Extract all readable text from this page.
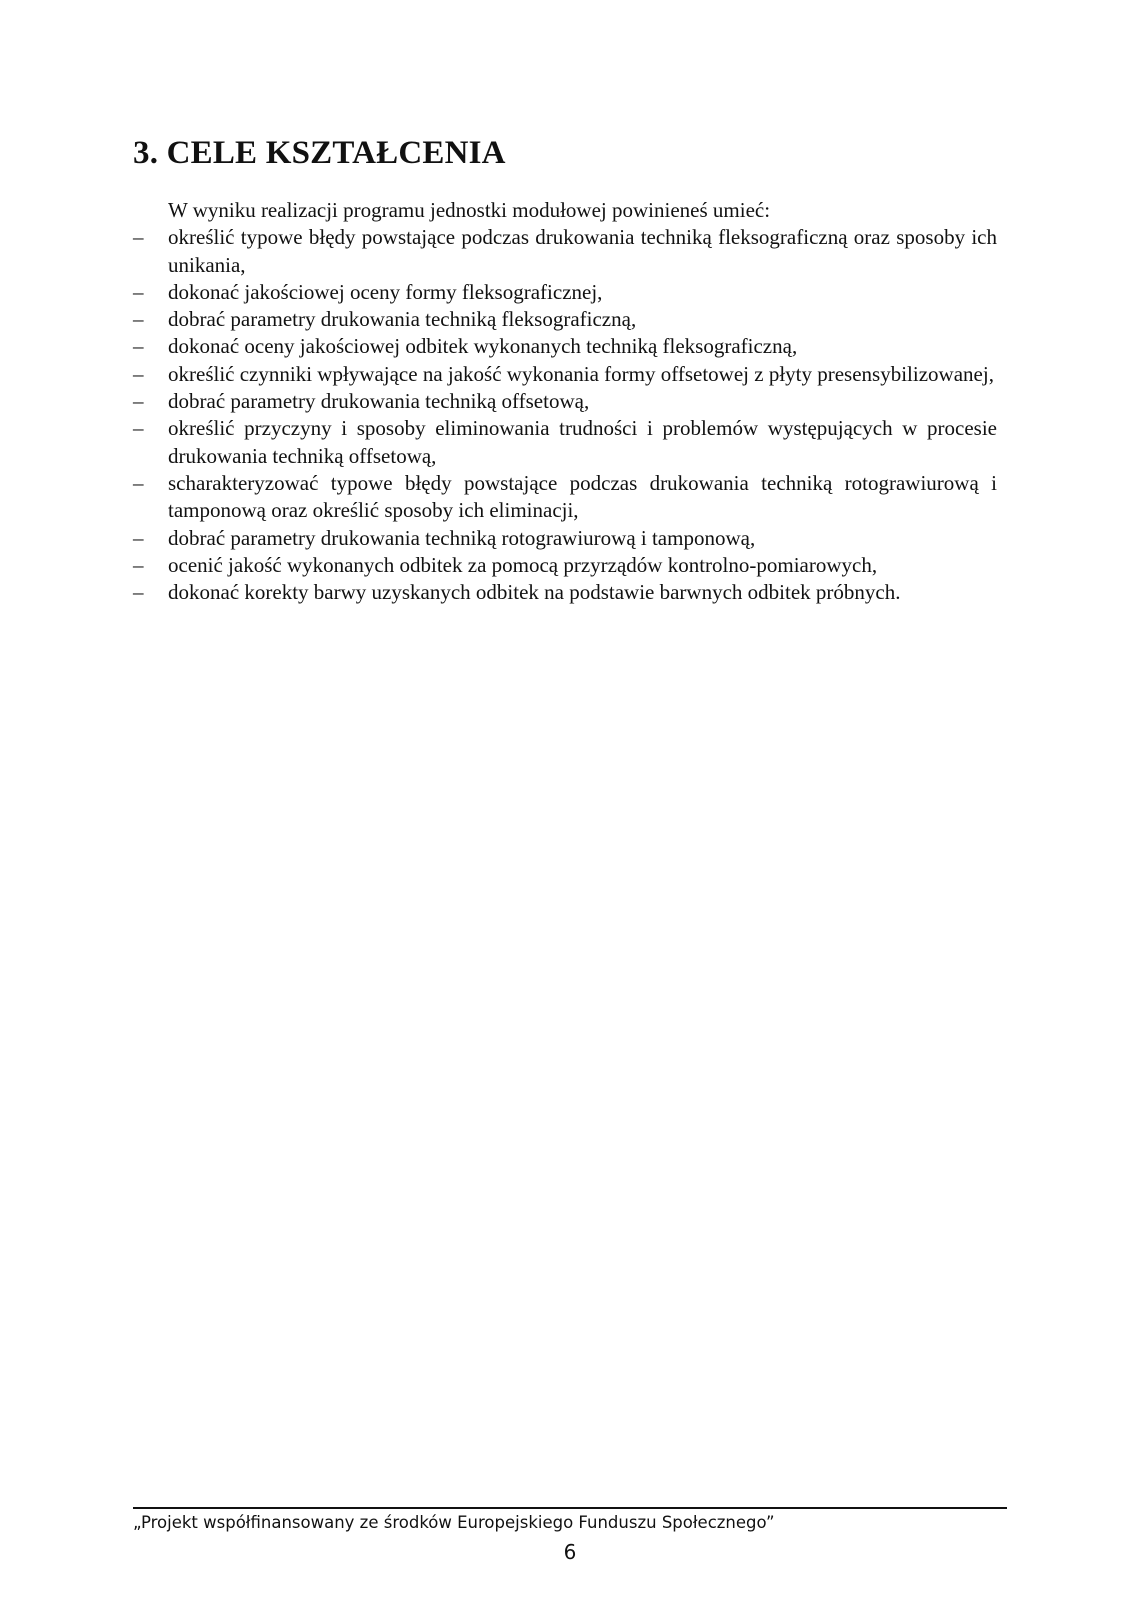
3. CELE KSZTAŁCENIA

W wyniku realizacji programu jednostki modułowej powinieneś umieć:

– określić typowe błędy powstające podczas drukowania techniką fleksograficzną oraz sposoby ich unikania,
– dokonać jakościowej oceny formy fleksograficznej,
– dobrać parametry drukowania techniką fleksograficzną,
– dokonać oceny jakościowej odbitek wykonanych techniką fleksograficzną,
– określić czynniki wpływające na jakość wykonania formy offsetowej z płyty presensybilizowanej,
– dobrać parametry drukowania techniką offsetową,
– określić przyczyny i sposoby eliminowania trudności i problemów występujących w procesie drukowania techniką offsetową,
– scharakteryzować typowe błędy powstające podczas drukowania techniką rotograwiurową i tamponową oraz określić sposoby ich eliminacji,
– dobrać parametry drukowania techniką rotograwiurową i tamponową,
– ocenić jakość wykonanych odbitek za pomocą przyrządów kontrolno-pomiarowych,
– dokonać korekty barwy uzyskanych odbitek na podstawie barwnych odbitek próbnych.
„Projekt współfinansowany ze środków Europejskiego Funduszu Społecznego”
6
